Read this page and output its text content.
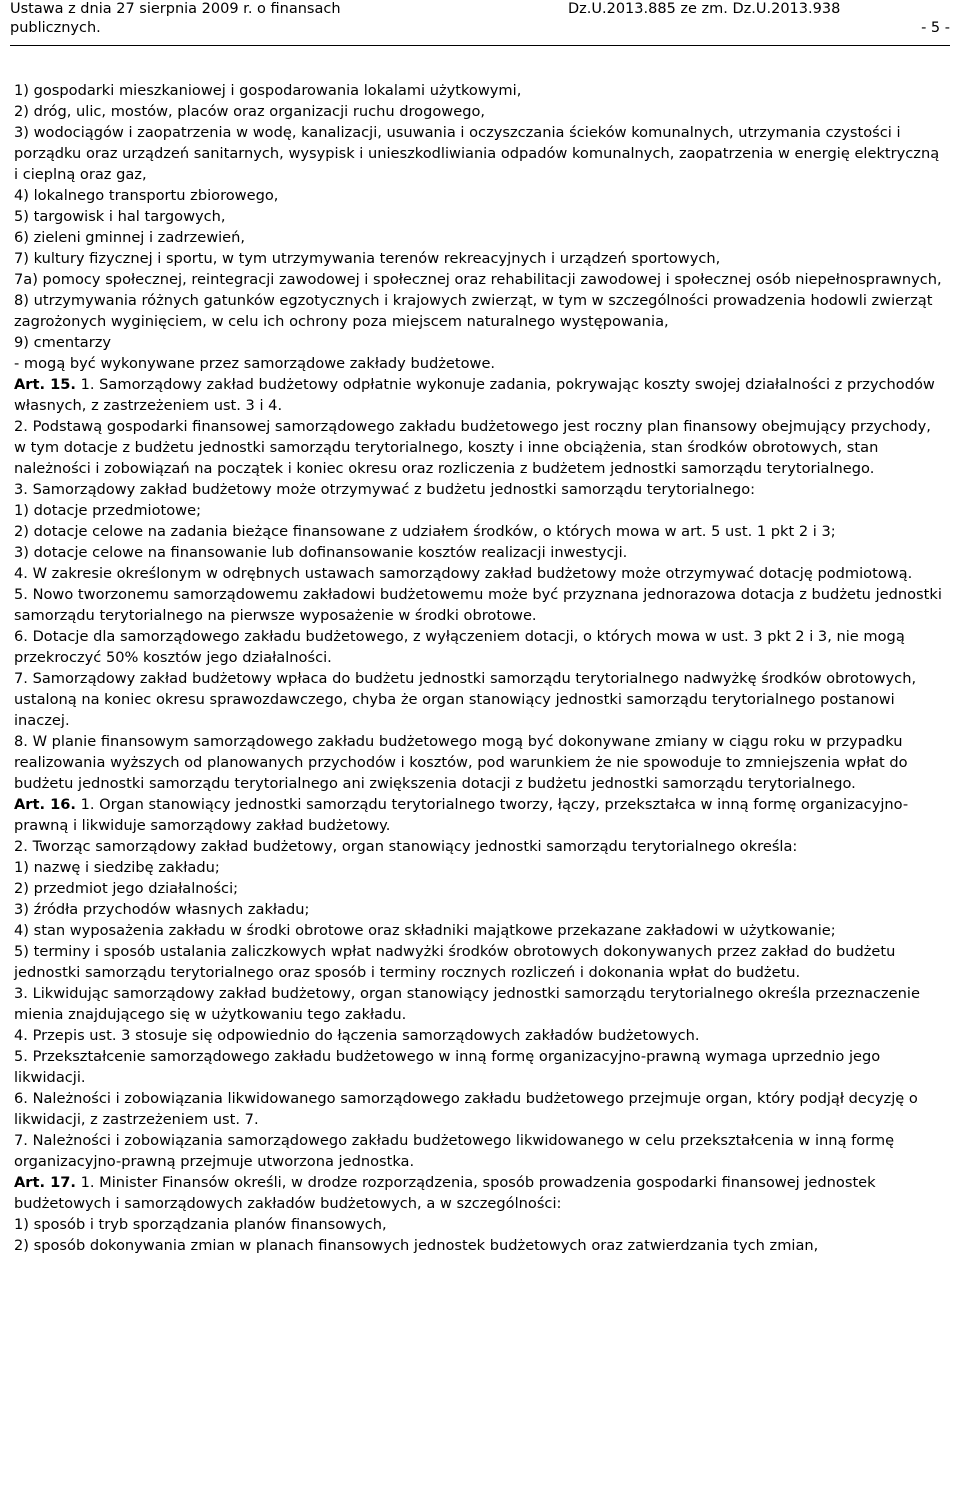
Ustawa z dnia 27 sierpnia 2009 r. o finansach publicznych.
Dz.U.2013.885 ze zm. Dz.U.2013.938
- 5 -

1) gospodarki mieszkaniowej i gospodarowania lokalami użytkowymi,

2) dróg, ulic, mostów, placów oraz organizacji ruchu drogowego,

3) wodociągów i zaopatrzenia w wodę, kanalizacji, usuwania i oczyszczania ścieków komunalnych, utrzymania czystości i porządku oraz urządzeń sanitarnych, wysypisk i unieszkodliwiania odpadów komunalnych, zaopatrzenia w energię elektryczną i cieplną oraz gaz,

4) lokalnego transportu zbiorowego,

5) targowisk i hal targowych,

6) zieleni gminnej i zadrzewień,

7) kultury fizycznej i sportu, w tym utrzymywania terenów rekreacyjnych i urządzeń sportowych,

7a) pomocy społecznej, reintegracji zawodowej i społecznej oraz rehabilitacji zawodowej i społecznej osób niepełnosprawnych,

8) utrzymywania różnych gatunków egzotycznych i krajowych zwierząt, w tym w szczególności prowadzenia hodowli zwierząt zagrożonych wyginięciem, w celu ich ochrony poza miejscem naturalnego występowania,

9) cmentarzy

- mogą być wykonywane przez samorządowe zakłady budżetowe.

Art. 15. 1. Samorządowy zakład budżetowy odpłatnie wykonuje zadania, pokrywając koszty swojej działalności z przychodów własnych, z zastrzeżeniem ust. 3 i 4.

2. Podstawą gospodarki finansowej samorządowego zakładu budżetowego jest roczny plan finansowy obejmujący przychody, w tym dotacje z budżetu jednostki samorządu terytorialnego, koszty i inne obciążenia, stan środków obrotowych, stan należności i zobowiązań na początek i koniec okresu oraz rozliczenia z budżetem jednostki samorządu terytorialnego.

3. Samorządowy zakład budżetowy może otrzymywać z budżetu jednostki samorządu terytorialnego:

1) dotacje przedmiotowe;

2) dotacje celowe na zadania bieżące finansowane z udziałem środków, o których mowa w art. 5 ust. 1 pkt 2 i 3;

3) dotacje celowe na finansowanie lub dofinansowanie kosztów realizacji inwestycji.

4. W zakresie określonym w odrębnych ustawach samorządowy zakład budżetowy może otrzymywać dotację podmiotową.

5. Nowo tworzonemu samorządowemu zakładowi budżetowemu może być przyznana jednorazowa dotacja z budżetu jednostki samorządu terytorialnego na pierwsze wyposażenie w środki obrotowe.

6. Dotacje dla samorządowego zakładu budżetowego, z wyłączeniem dotacji, o których mowa w ust. 3 pkt 2 i 3, nie mogą przekroczyć 50% kosztów jego działalności.

7. Samorządowy zakład budżetowy wpłaca do budżetu jednostki samorządu terytorialnego nadwyżkę środków obrotowych, ustaloną na koniec okresu sprawozdawczego, chyba że organ stanowiący jednostki samorządu terytorialnego postanowi inaczej.

8. W planie finansowym samorządowego zakładu budżetowego mogą być dokonywane zmiany w ciągu roku w przypadku realizowania wyższych od planowanych przychodów i kosztów, pod warunkiem że nie spowoduje to zmniejszenia wpłat do budżetu jednostki samorządu terytorialnego ani zwiększenia dotacji z budżetu jednostki samorządu terytorialnego.

Art. 16. 1. Organ stanowiący jednostki samorządu terytorialnego tworzy, łączy, przekształca w inną formę organizacyjno-prawną i likwiduje samorządowy zakład budżetowy.

2. Tworząc samorządowy zakład budżetowy, organ stanowiący jednostki samorządu terytorialnego określa:

1) nazwę i siedzibę zakładu;

2) przedmiot jego działalności;

3) źródła przychodów własnych zakładu;

4) stan wyposażenia zakładu w środki obrotowe oraz składniki majątkowe przekazane zakładowi w użytkowanie;

5) terminy i sposób ustalania zaliczkowych wpłat nadwyżki środków obrotowych dokonywanych przez zakład do budżetu jednostki samorządu terytorialnego oraz sposób i terminy rocznych rozliczeń i dokonania wpłat do budżetu.

3. Likwidując samorządowy zakład budżetowy, organ stanowiący jednostki samorządu terytorialnego określa przeznaczenie mienia znajdującego się w użytkowaniu tego zakładu.

4. Przepis ust. 3 stosuje się odpowiednio do łączenia samorządowych zakładów budżetowych.

5. Przekształcenie samorządowego zakładu budżetowego w inną formę organizacyjno-prawną wymaga uprzednio jego likwidacji.

6. Należności i zobowiązania likwidowanego samorządowego zakładu budżetowego przejmuje organ, który podjął decyzję o likwidacji, z zastrzeżeniem ust. 7.

7. Należności i zobowiązania samorządowego zakładu budżetowego likwidowanego w celu przekształcenia w inną formę organizacyjno-prawną przejmuje utworzona jednostka.

Art. 17. 1. Minister Finansów określi, w drodze rozporządzenia, sposób prowadzenia gospodarki finansowej jednostek budżetowych i samorządowych zakładów budżetowych, a w szczególności:

1) sposób i tryb sporządzania planów finansowych,

2) sposób dokonywania zmian w planach finansowych jednostek budżetowych oraz zatwierdzania tych zmian,
